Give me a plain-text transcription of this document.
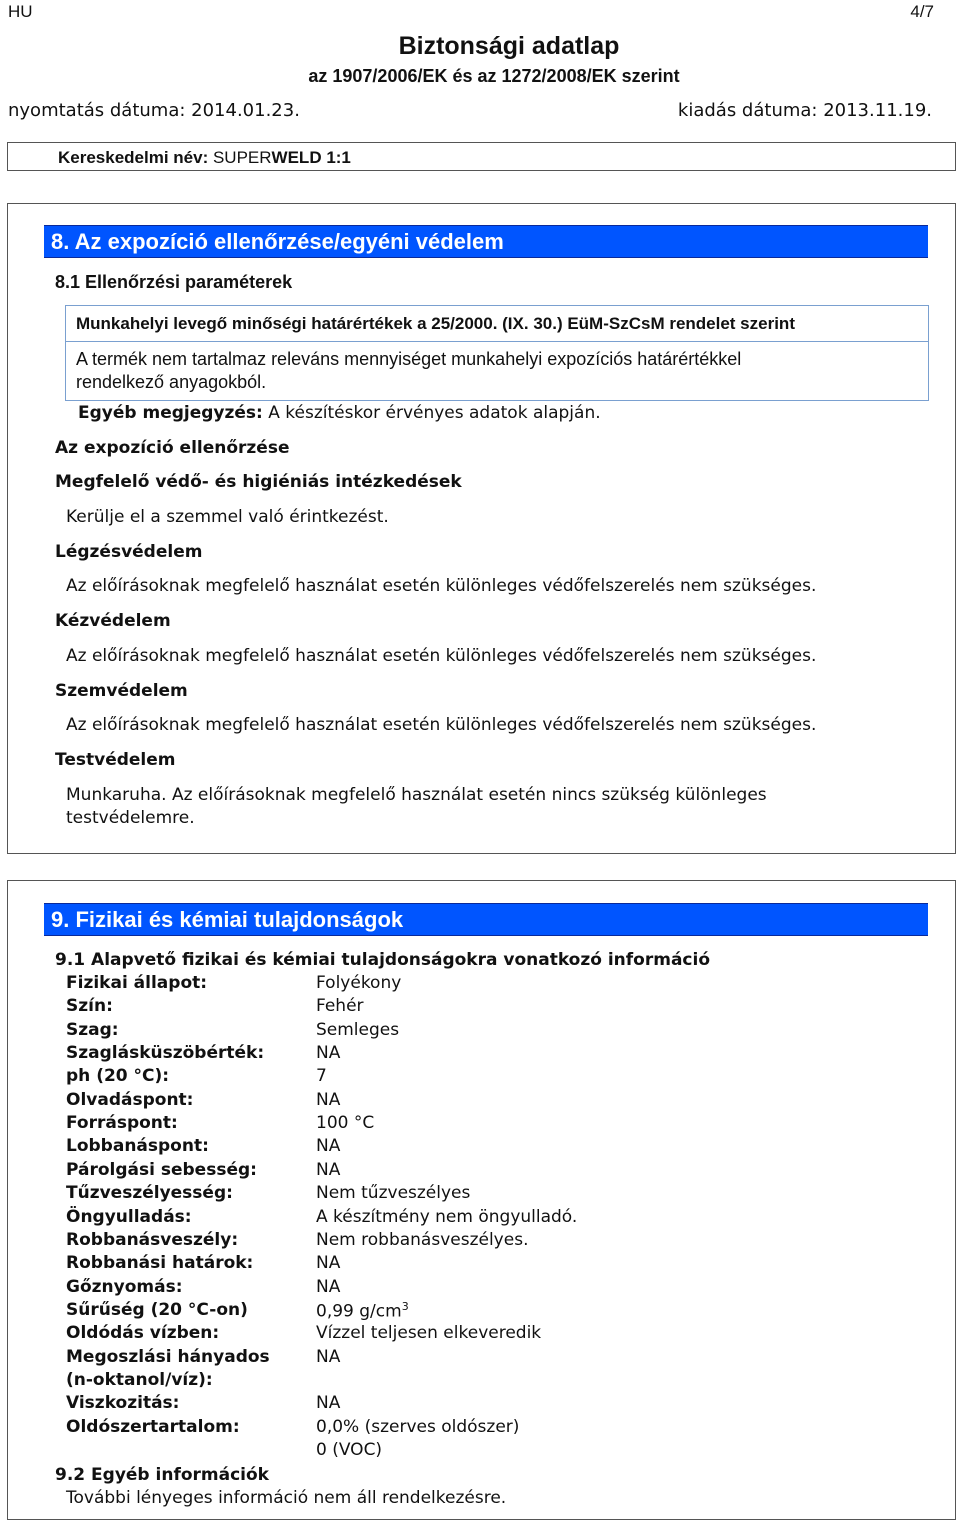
HU	4/7
Biztonsági adatlap
az 1907/2006/EK és az 1272/2008/EK szerint
nyomtatás dátuma: 2014.01.23.	kiadás dátuma: 2013.11.19.
Kereskedelmi név: SUPERWELD 1:1
8. Az expozíció ellenőrzése/egyéni védelem
8.1 Ellenőrzési paraméterek
Munkahelyi levegő minőségi határértékek a 25/2000. (IX. 30.) EüM-SzCsM rendelet szerint
A termék nem tartalmaz releváns mennyiséget munkahelyi expozíciós határértékkel
rendelkező anyagokból.
Egyéb megjegyzés: A készítéskor érvényes adatok alapján.
Az expozíció ellenőrzése
Megfelelő védő- és higiéniás intézkedések
Kerülje el a szemmel való érintkezést.
Légzésvédelem
Az előírásoknak megfelelő használat esetén különleges védőfelszerelés nem szükséges.
Kézvédelem
Az előírásoknak megfelelő használat esetén különleges védőfelszerelés nem szükséges.
Szemvédelem
Az előírásoknak megfelelő használat esetén különleges védőfelszerelés nem szükséges.
Testvédelem
Munkaruha. Az előírásoknak megfelelő használat esetén nincs szükség különleges
testvédelemre.
9. Fizikai és kémiai tulajdonságok
9.1 Alapvető fizikai és kémiai tulajdonságokra vonatkozó információ
Fizikai állapot:	Folyékony
Szín:	Fehér
Szag:	Semleges
Szaglásküszöbérték:	NA
ph (20 °C):	7
Olvadáspont:	NA
Forráspont:	100 °C
Lobbanáspont:	NA
Párolgási sebesség:	NA
Tűzveszélyesség:	Nem tűzveszélyes
Öngyulladás:	A készítmény nem öngyulladó.
Robbanásveszély:	Nem robbanásveszélyes.
Robbanási határok:	NA
Gőznyomás:	NA
Sűrűség (20 °C-on)	0,99 $g/cm^3$
Oldódás vízben:	Vízzel teljesen elkeveredik
Megoszlási hányados	NA
(n-oktanol/víz):
Viszkozitás:	NA
Oldószertartalom:	0,0% (szerves oldószer)
0 (VOC)
9.2 Egyéb információk
További lényeges információ nem áll rendelkezésre.
